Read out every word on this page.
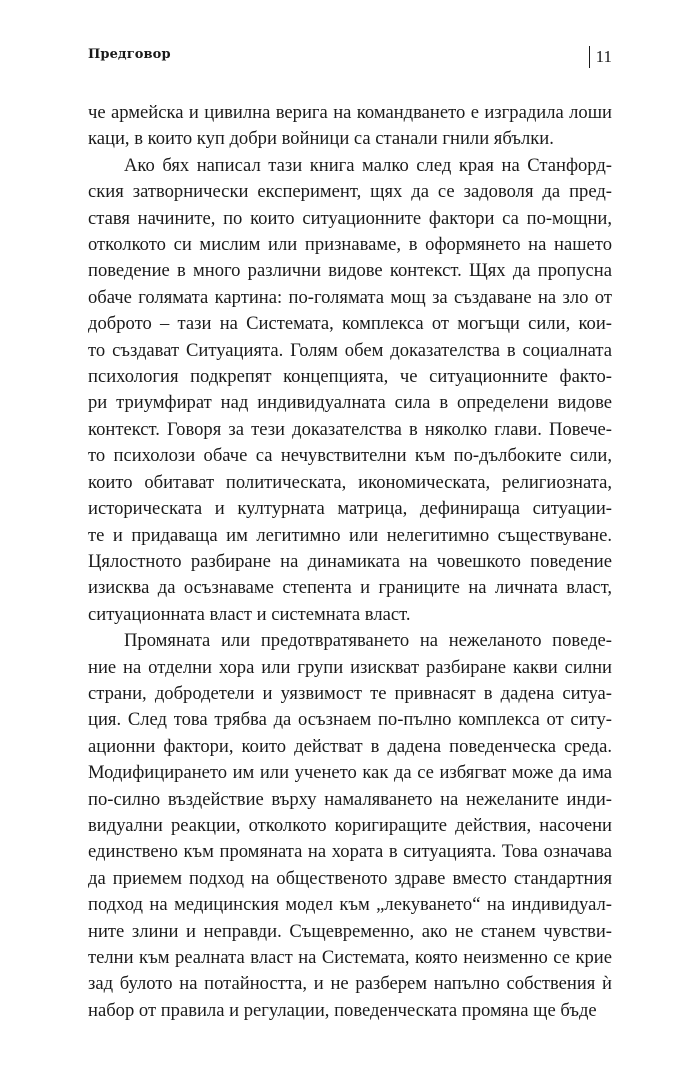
Предговор	11

че армейска и цивилна верига на командването е изградила лоши
каци, в които куп добри войници са станали гнили ябълки.

Ако бях написал тази книга малко след края на Станфорд-
ския затворнически експеримент, щях да се задоволя да пред-
ставя начините, по които ситуационните фактори са по-мощни,
отколкото си мислим или признаваме, в оформянето на нашето
поведение в много различни видове контекст. Щях да пропусна
обаче голямата картина: по-голямата мощ за създаване на зло от
доброто – тази на Системата, комплекса от могъщи сили, кои-
то създават Ситуацията. Голям обем доказателства в социалната
психология подкрепят концепцията, че ситуационните факто-
ри триумфират над индивидуалната сила в определени видове
контекст. Говоря за тези доказателства в няколко глави. Повече-
то психолози обаче са нечувствителни към по-дълбоките сили,
които обитават политическата, икономическата, религиозната,
историческата и културната матрица, дефинираща ситуации-
те и придаваща им легитимно или нелегитимно съществуване.
Цялостното разбиране на динамиката на човешкото поведение
изисква да осъзнаваме степента и границите на личната власт,
ситуационната власт и системната власт.

Промяната или предотвратяването на нежеланото поведе-
ние на отделни хора или групи изискват разбиране какви силни
страни, добродетели и уязвимост те привнасят в дадена ситуа-
ция. След това трябва да осъзнаем по-пълно комплекса от ситу-
ационни фактори, които действат в дадена поведенческа среда.
Модифицирането им или ученето как да се избягват може да има
по-силно въздействие върху намаляването на нежеланите инди-
видуални реакции, отколкото коригиращите действия, насочени
единствено към промяната на хората в ситуацията. Това означава
да приемем подход на общественото здраве вместо стандартния
подход на медицинския модел към „лекуването“ на индивидуал-
ните злини и неправди. Същевременно, ако не станем чувстви-
телни към реалната власт на Системата, която неизменно се крие
зад булото на потайността, и не разберем напълно собствения ѝ
набор от правила и регулации, поведенческата промяна ще бъде
